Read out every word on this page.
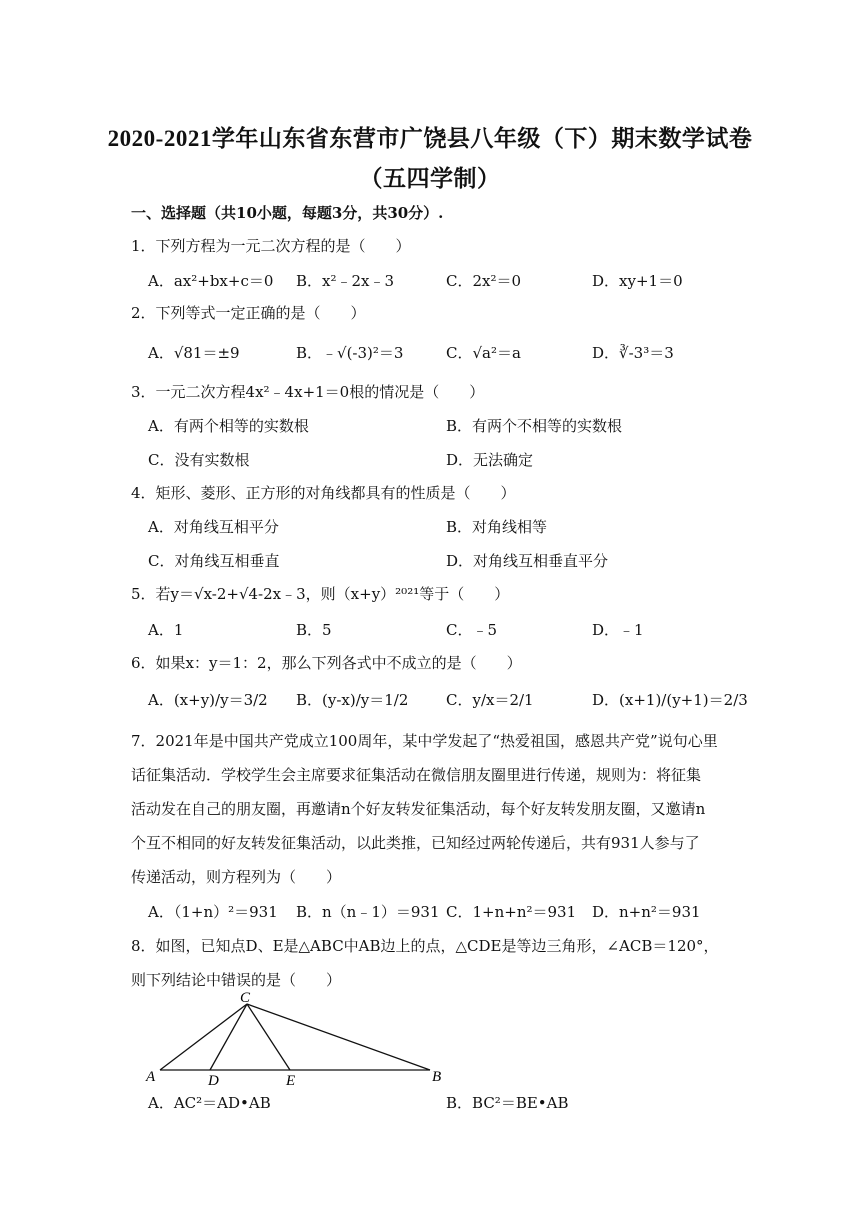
2020-2021学年山东省东营市广饶县八年级（下）期末数学试卷
（五四学制）
一、选择题（共10小题，每题3分，共30分）.
1．下列方程为一元二次方程的是（　　）
A．ax²+bx+c＝0 B．x²﹣2x﹣3	C．2x²＝0	D．xy+1＝0
2．下列等式一定正确的是（　　）
A．√81＝±9	B．﹣√(-3)²＝3	C．√a²＝a	D．∛-3³＝3
3．一元二次方程4x²﹣4x+1＝0根的情况是（　　）
A．有两个相等的实数根	B．有两个不相等的实数根
C．没有实数根	D．无法确定
4．矩形、菱形、正方形的对角线都具有的性质是（　　）
A．对角线互相平分	B．对角线相等
C．对角线互相垂直	D．对角线互相垂直平分
5．若y＝√x-2+√4-2x﹣3，则（x+y）²⁰²¹等于（　　）
A．1	B．5	C．﹣5	D．﹣1
6．如果x：y＝1：2，那么下列各式中不成立的是（　　）
A．(x+y)/y＝3/2 B．(y-x)/y＝1/2	C．y/x＝2/1	D．(x+1)/(y+1)＝2/3
7．2021年是中国共产党成立100周年，某中学发起了“热爱祖国，感恩共产党”说句心里
话征集活动．学校学生会主席要求征集活动在微信朋友圈里进行传递，规则为：将征集
活动发在自己的朋友圈，再邀请n个好友转发征集活动，每个好友转发朋友圈，又邀请n
个互不相同的好友转发征集活动，以此类推，已知经过两轮传递后，共有931人参与了
传递活动，则方程列为（　　）
A．（1+n）²＝931 B．n（n﹣1）＝931 C．1+n+n²＝931 D．n+n²＝931
8．如图，已知点D、E是△ABC中AB边上的点，△CDE是等边三角形，∠ACB＝120°，
则下列结论中错误的是（　　）
C
A	D	E	B
A．AC²＝AD•AB	B．BC²＝BE•AB
